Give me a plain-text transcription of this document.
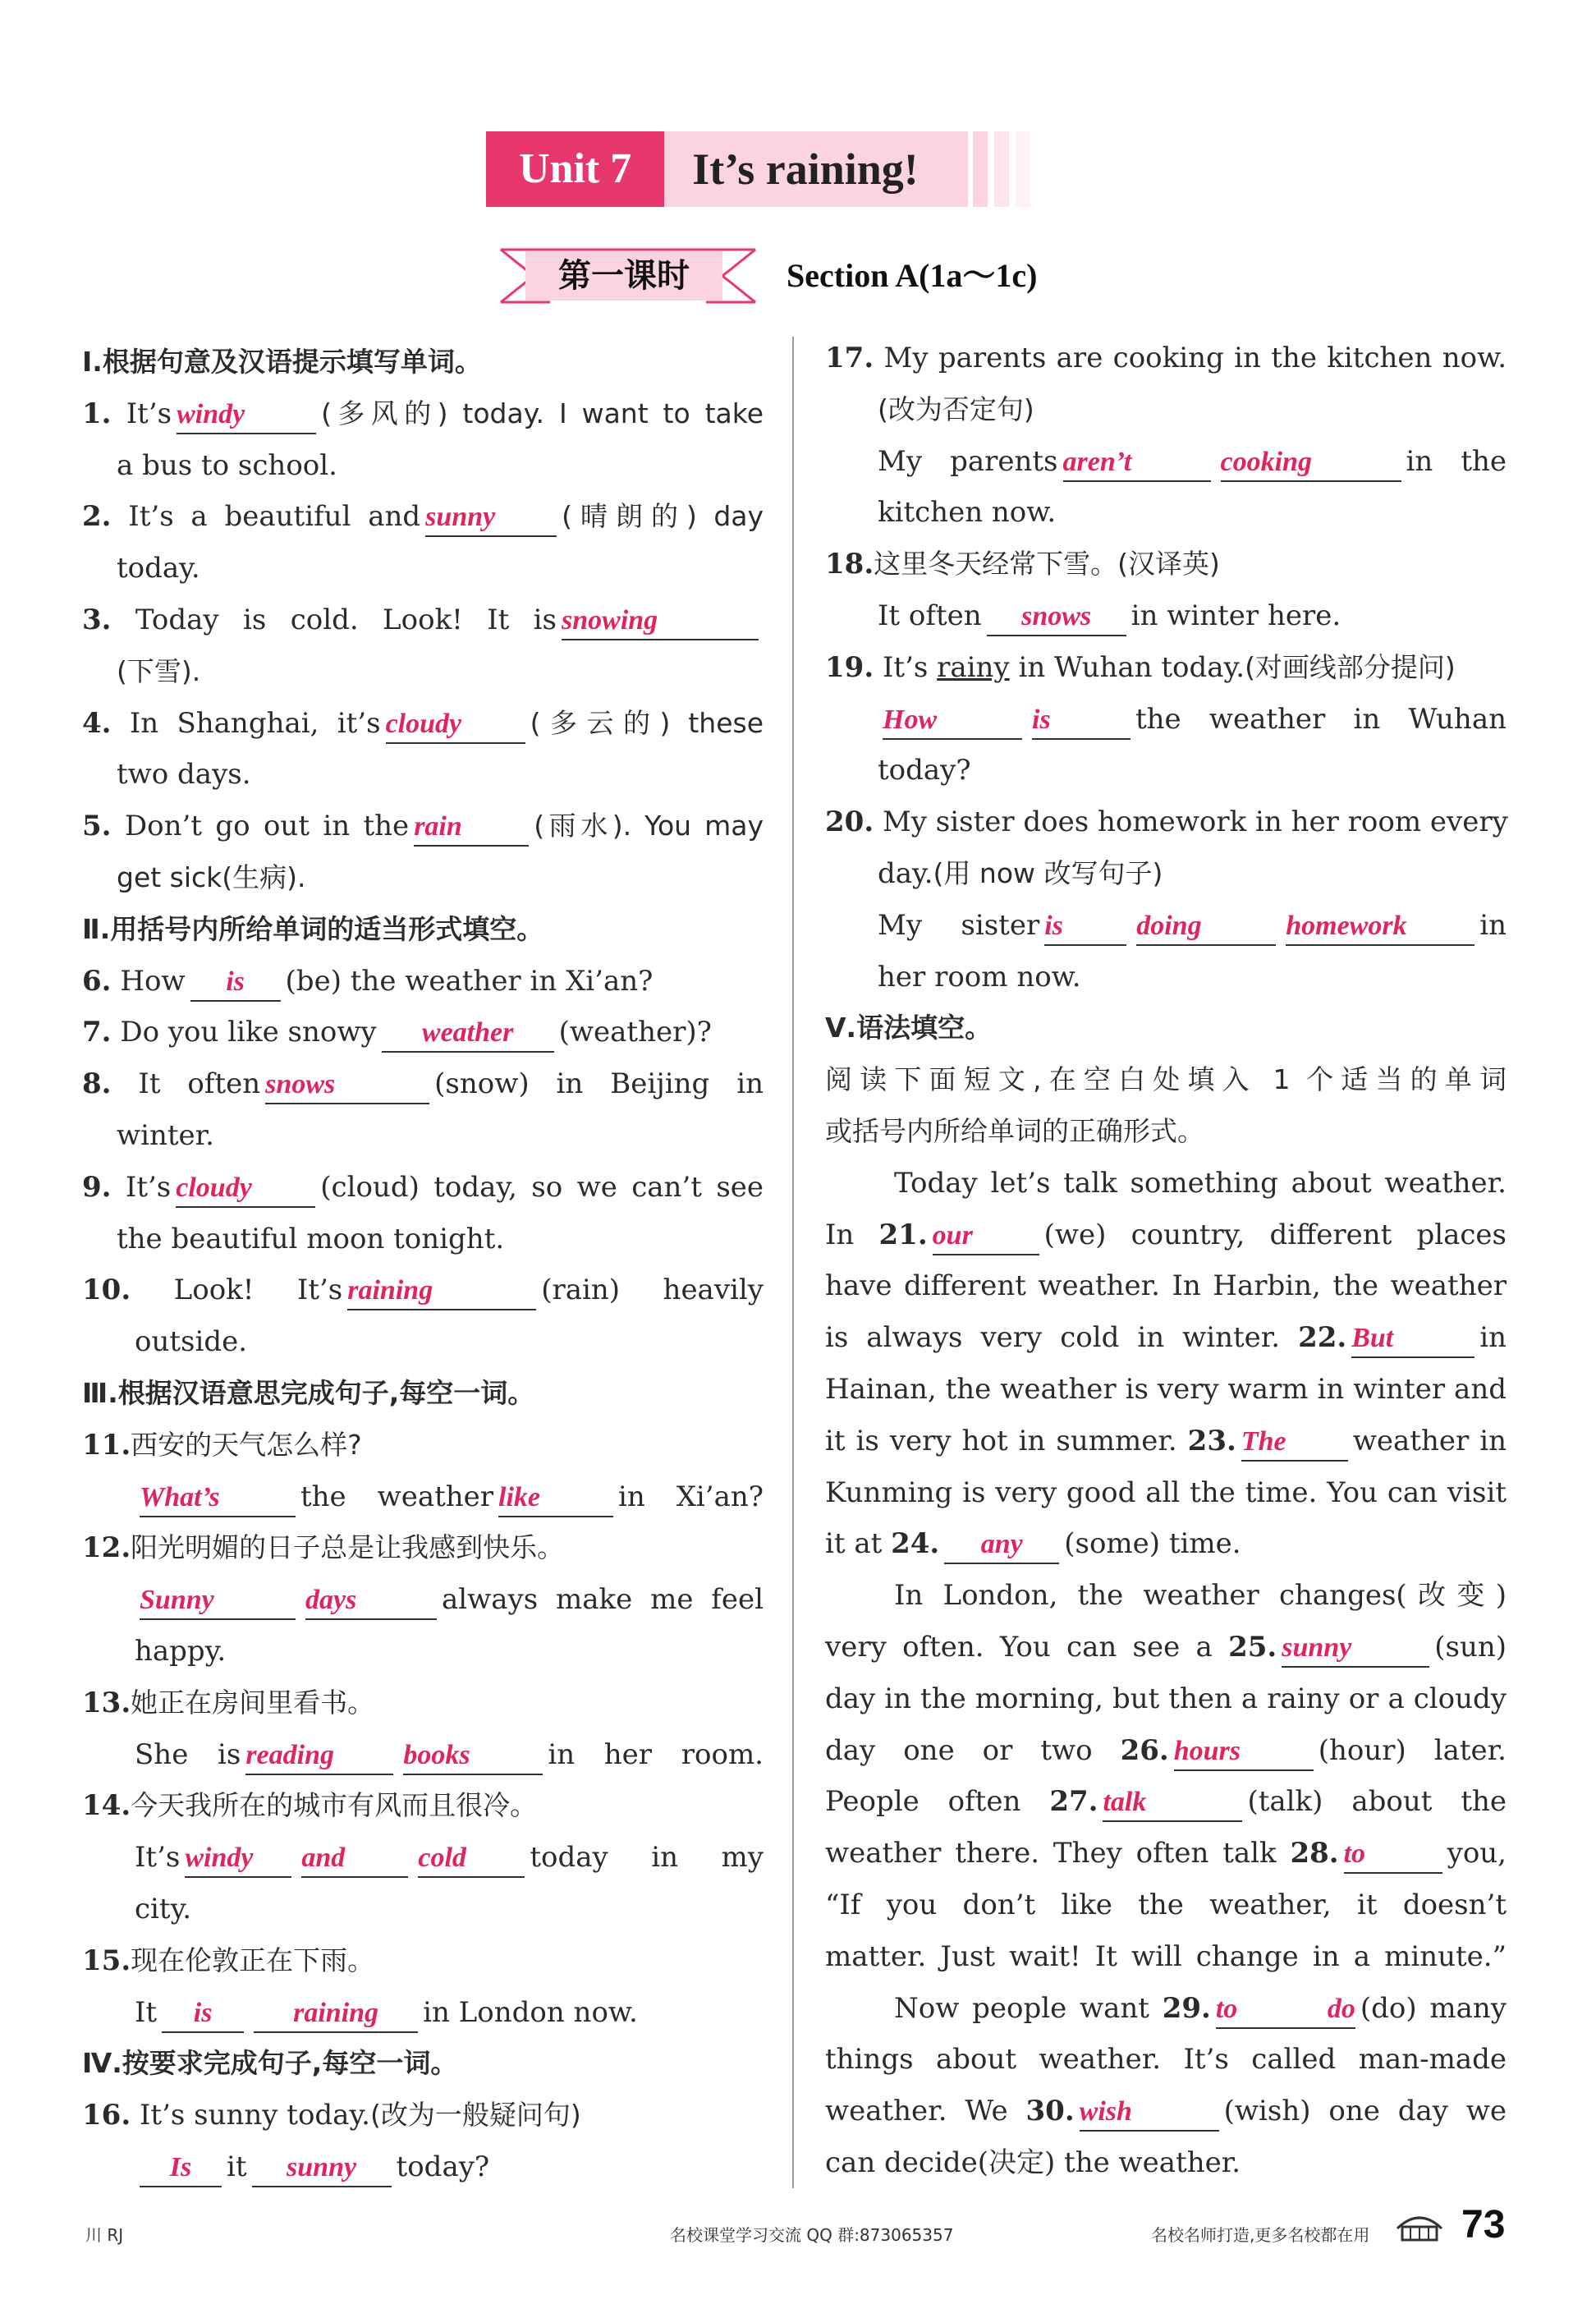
Unit 7	It’s raining!
第一课时	Section A(1a～1c)
Ⅰ.根据句意及汉语提示填写单词。
1. It’s windy	(多风的) today. I want to take
a bus to school.
2. It’s a beautiful and sunny (晴朗的) day
today.
3. Today is cold. Look! It is snowing
(下雪).
4. In Shanghai, it’s cloudy	(多云的) these
two days.
5. Don’t go out in the rain	(雨水). You may
get sick(生病).
Ⅱ.用括号内所给单词的适当形式填空。
6. How is (be) the weather in Xi’an?
7. Do you like snowy weather (weather)?
8. It often snows	(snow) in Beijing in
winter.
9. It’s cloudy (cloud) today, so we can’t see
the beautiful moon tonight.
10. Look! It’s raining	(rain) heavily
outside.
Ⅲ.根据汉语意思完成句子,每空一词。
11.西安的天气怎么样?
What’s	the weather like	in Xi’an?
12.阳光明媚的日子总是让我感到快乐。
Sunny	days	always make me feel
happy.
13.她正在房间里看书。
She is reading books	in her room.
14.今天我所在的城市有风而且很冷。
It’s windy and	cold today in my
city.
15.现在伦敦正在下雨。
It is	raining in London now.
Ⅳ.按要求完成句子,每空一词。
16. It’s sunny today.(改为一般疑问句)
Is it sunny today?
17. My parents are cooking in the kitchen now.
(改为否定句)
My parents aren’t	cooking	in the
kitchen now.
18.这里冬天经常下雪。(汉译英)
It often snows in winter here.
19. It’s rainy in Wuhan today.(对画线部分提问)
How	is	the weather in Wuhan
today?
20. My sister does homework in her room every
day.(用 now 改写句子)
My sister is	doing	homework	in
her room now.
Ⅴ.语法填空。
阅读下面短文,在空白处填入 1 个适当的单词
或括号内所给单词的正确形式。
Today let’s talk something about weather.
In 21. our	(we) country, different places
have different weather. In Harbin, the weather
is always very cold in winter. 22. But	in
Hainan, the weather is very warm in winter and
it is very hot in summer. 23. The weather in
Kunming is very good all the time. You can visit
it at 24. any (some) time.
In London, the weather changes(改变)
very often. You can see a 25. sunny	(sun)
day in the morning, but then a rainy or a cloudy
day one or two 26. hours	(hour) later.
People often 27. talk	(talk) about the
weather there. They often talk 28. to	you,
“If you don’t like the weather, it doesn’t
matter. Just wait! It will change in a minute.”
Now people want 29. to do (do) many
things about weather. It’s called man-made
weather. We 30. wish	(wish) one day we
can decide(决定) the weather.
川 RJ	名校课堂学习交流 QQ 群:873065357	名校名师打造,更多名校都在用 73
